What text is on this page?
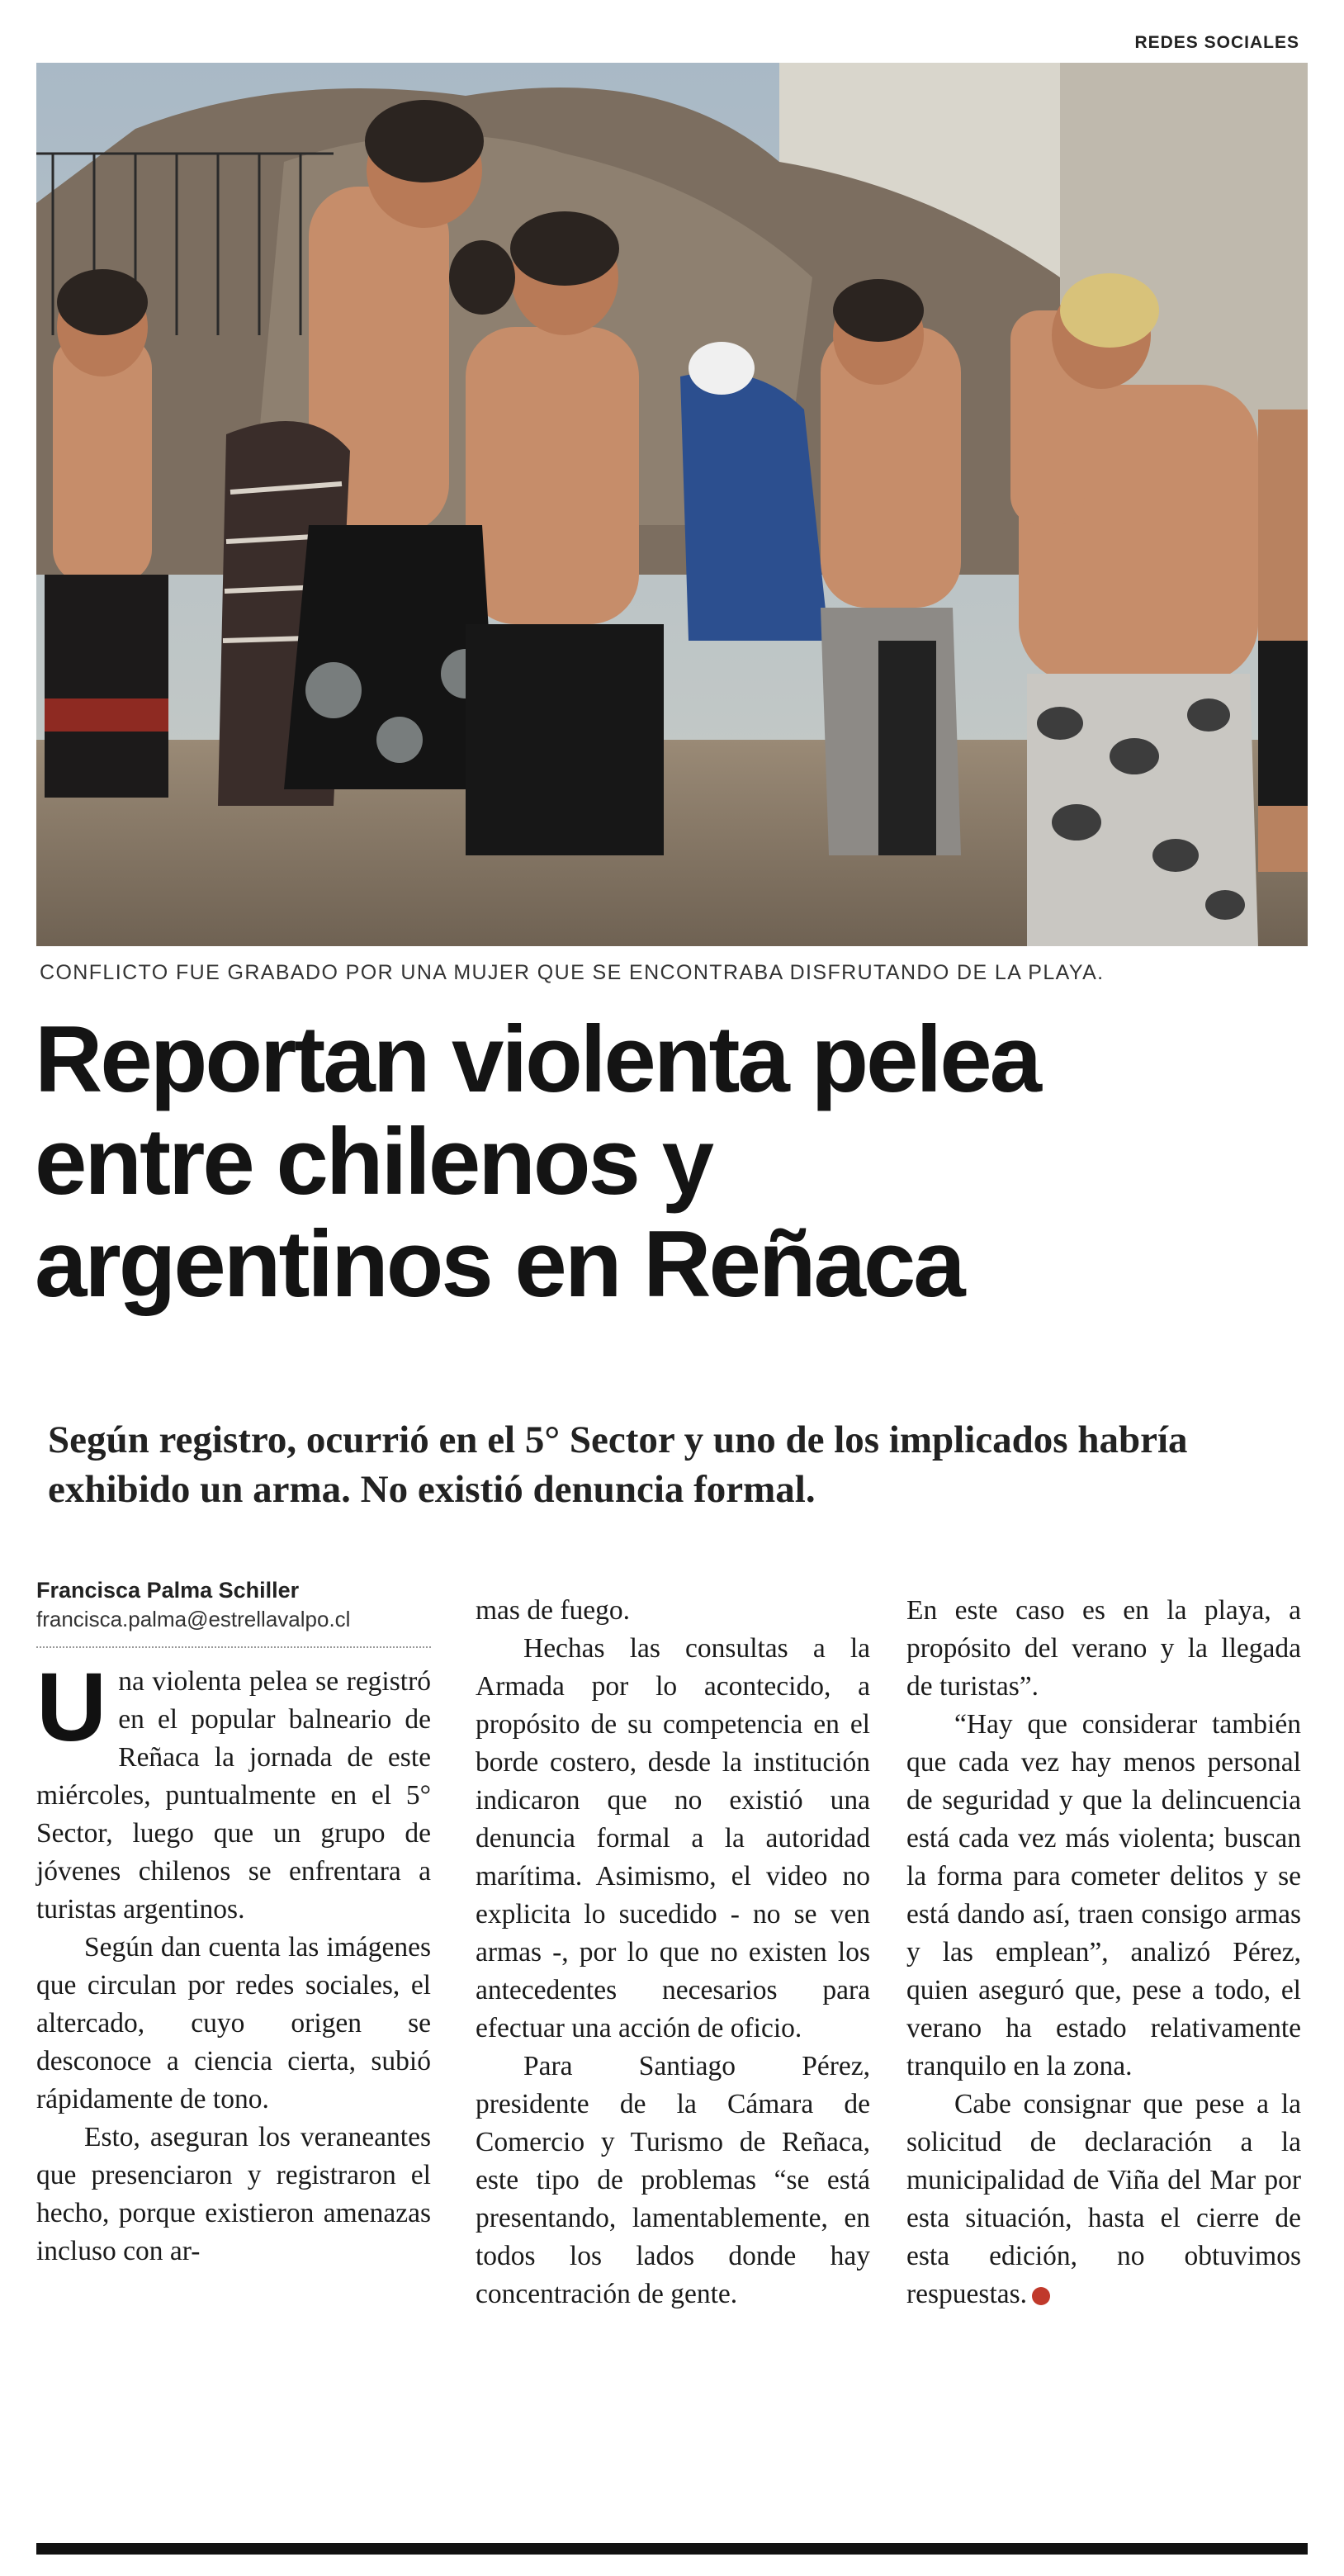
REDES SOCIALES
CONFLICTO FUE GRABADO POR UNA MUJER QUE SE ENCONTRABA DISFRUTANDO DE LA PLAYA.
Reportan violenta pelea
entre chilenos y
argentinos en Reñaca
Según registro, ocurrió en el 5° Sector y uno de los implicados habría exhibido un arma. No existió denuncia formal.
Francisca Palma Schiller
francisca.palma@estrellavalpo.cl

Una violenta pelea se registró en el popular balneario de Reñaca la jornada de este miércoles, puntualmente en el 5° Sector, luego que un grupo de jóvenes chilenos se enfrentara a turistas argentinos.

Según dan cuenta las imágenes que circulan por redes sociales, el altercado, cuyo origen se desconoce a ciencia cierta, subió rápidamente de tono.

Esto, aseguran los veraneantes que presenciaron y registraron el hecho, porque existieron amenazas incluso con ar-

mas de fuego.

Hechas las consultas a la Armada por lo acontecido, a propósito de su competencia en el borde costero, desde la institución indicaron que no existió una denuncia formal a la autoridad marítima. Asimismo, el video no explicita lo sucedido - no se ven armas -, por lo que no existen los antecedentes necesarios para efectuar una acción de oficio.

Para Santiago Pérez, presidente de la Cámara de Comercio y Turismo de Reñaca, este tipo de problemas “se está presentando, lamentablemente, en todos los lados donde hay concentración de gente.

En este caso es en la playa, a propósito del verano y la llegada de turistas”.

“Hay que considerar también que cada vez hay menos personal de seguridad y que la delincuencia está cada vez más violenta; buscan la forma para cometer delitos y se está dando así, traen consigo armas y las emplean”, analizó Pérez, quien aseguró que, pese a todo, el verano ha estado relativamente tranquilo en la zona.

Cabe consignar que pese a la solicitud de declaración a la municipalidad de Viña del Mar por esta situación, hasta el cierre de esta edición, no obtuvimos respuestas.	✪
